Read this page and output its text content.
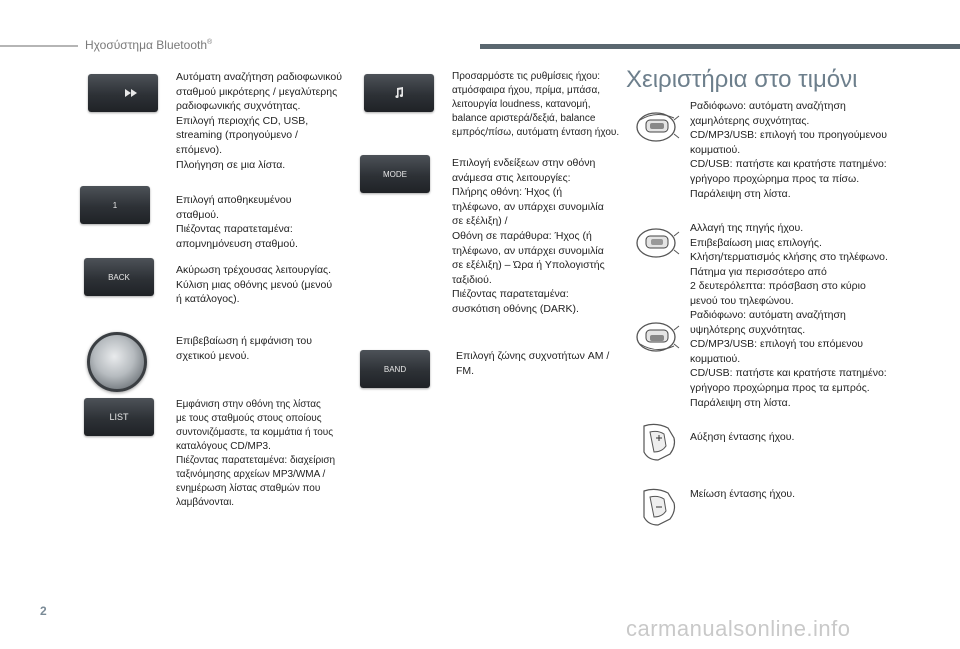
Ηχοσύστημα Bluetooth®
Αυτόματη αναζήτηση ραδιοφωνικού
σταθμού μικρότερης / μεγαλύτερης
ραδιοφωνικής συχνότητας.
Επιλογή περιοχής CD, USB,
streaming (προηγούμενο /
επόμενο).
Πλοήγηση σε μια λίστα.
1	Επιλογή αποθηκευμένου
σταθμού.
Πιέζοντας παρατεταμένα:
απομνημόνευση σταθμού.
BACK
Ακύρωση τρέχουσας λειτουργίας.
Κύλιση μιας οθόνης μενού (μενού
ή κατάλογος).
Επιβεβαίωση ή εμφάνιση του
σχετικού μενού.
LIST
Εμφάνιση στην οθόνη της λίστας
με τους σταθμούς στους οποίους
συντονιζόμαστε, τα κομμάτια ή τους
καταλόγους CD/MP3.
Πιέζοντας παρατεταμένα: διαχείριση
ταξινόμησης αρχείων MP3/WMA /
ενημέρωση λίστας σταθμών που
λαμβάνονται.
Προσαρμόστε τις ρυθμίσεις ήχου:
ατμόσφαιρα ήχου, πρίμα, μπάσα,
λειτουργία loudness, κατανομή,
balance αριστερά/δεξιά, balance
εμπρός/πίσω, αυτόματη ένταση ήχου.
MODE
Επιλογή ενδείξεων στην οθόνη
ανάμεσα στις λειτουργίες:
Πλήρης οθόνη: Ήχος (ή
τηλέφωνο, αν υπάρχει συνομιλία
σε εξέλιξη) /
Οθόνη σε παράθυρα: Ήχος (ή
τηλέφωνο, αν υπάρχει συνομιλία
σε εξέλιξη) – Ώρα ή Υπολογιστής
ταξιδιού.
Πιέζοντας παρατεταμένα:
συσκότιση οθόνης (DARK).
BAND
Επιλογή ζώνης συχνοτήτων AM / FM.
Χειριστήρια στο τιμόνι
Ραδιόφωνο: αυτόματη αναζήτηση
χαμηλότερης συχνότητας.
CD/MP3/USB: επιλογή του προηγούμενου
κομματιού.
CD/USB: πατήστε και κρατήστε πατημένο:
γρήγορο προχώρημα προς τα πίσω.
Παράλειψη στη λίστα.
Αλλαγή της πηγής ήχου.
Επιβεβαίωση μιας επιλογής.
Κλήση/τερματισμός κλήσης στο τηλέφωνο.
Πάτημα για περισσότερο από
2 δευτερόλεπτα: πρόσβαση στο κύριο
μενού του τηλεφώνου.
Ραδιόφωνο: αυτόματη αναζήτηση
υψηλότερης συχνότητας.
CD/MP3/USB: επιλογή του επόμενου
κομματιού.
CD/USB: πατήστε και κρατήστε πατημένο:
γρήγορο προχώρημα προς τα εμπρός.
Παράλειψη στη λίστα.
Αύξηση έντασης ήχου.
Μείωση έντασης ήχου.
2
carmanualsonline.info
